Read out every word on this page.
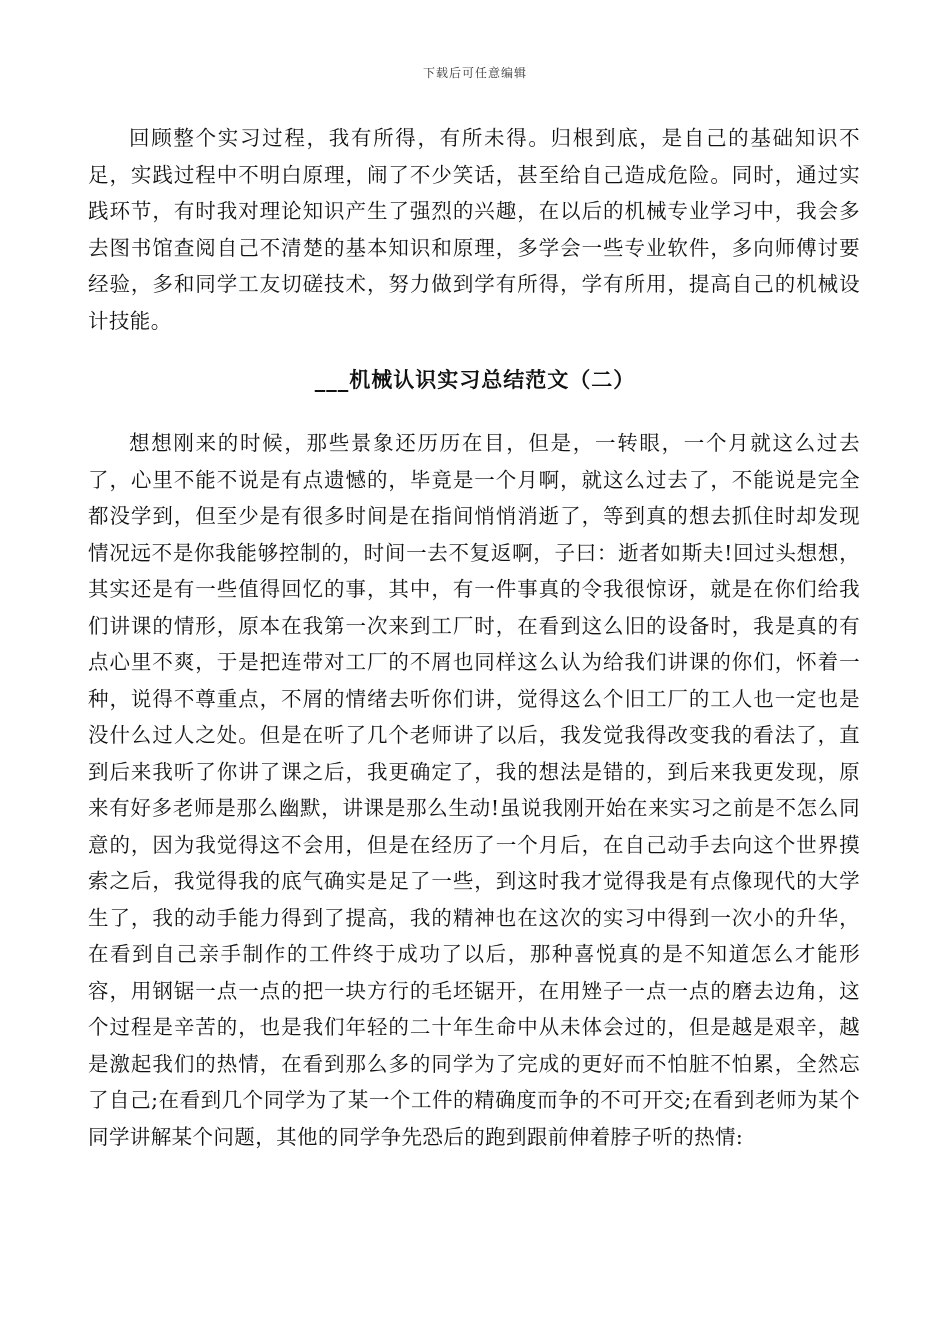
下载后可任意编辑

回顾整个实习过程，我有所得，有所未得。归根到底，是自己的基础知识不足，实践过程中不明白原理，闹了不少笑话，甚至给自己造成危险。同时，通过实践环节，有时我对理论知识产生了强烈的兴趣，在以后的机械专业学习中，我会多去图书馆查阅自己不清楚的基本知识和原理，多学会一些专业软件，多向师傅讨要经验，多和同学工友切磋技术，努力做到学有所得，学有所用，提高自己的机械设计技能。

___机械认识实习总结范文（二）

想想刚来的时候，那些景象还历历在目，但是，一转眼，一个月就这么过去了，心里不能不说是有点遗憾的，毕竟是一个月啊，就这么过去了，不能说是完全都没学到，但至少是有很多时间是在指间悄悄消逝了，等到真的想去抓住时却发现情况远不是你我能够控制的，时间一去不复返啊，子曰：逝者如斯夫!回过头想想，其实还是有一些值得回忆的事，其中，有一件事真的令我很惊讶，就是在你们给我们讲课的情形，原本在我第一次来到工厂时，在看到这么旧的设备时，我是真的有点心里不爽，于是把连带对工厂的不屑也同样这么认为给我们讲课的你们，怀着一种，说得不尊重点，不屑的情绪去听你们讲，觉得这么个旧工厂的工人也一定也是没什么过人之处。但是在听了几个老师讲了以后，我发觉我得改变我的看法了，直到后来我听了你讲了课之后，我更确定了，我的想法是错的，到后来我更发现，原来有好多老师是那么幽默，讲课是那么生动!虽说我刚开始在来实习之前是不怎么同意的，因为我觉得这不会用，但是在经历了一个月后，在自己动手去向这个世界摸索之后，我觉得我的底气确实是足了一些，到这时我才觉得我是有点像现代的大学生了，我的动手能力得到了提高，我的精神也在这次的实习中得到一次小的升华，在看到自己亲手制作的工件终于成功了以后，那种喜悦真的是不知道怎么才能形容，用钢锯一点一点的把一块方行的毛坯锯开，在用矬子一点一点的磨去边角，这个过程是辛苦的，也是我们年轻的二十年生命中从未体会过的，但是越是艰辛，越是激起我们的热情，在看到那么多的同学为了完成的更好而不怕脏不怕累，全然忘了自己;在看到几个同学为了某一个工件的精确度而争的不可开交;在看到老师为某个同学讲解某个问题，其他的同学争先恐后的跑到跟前伸着脖子听的热情:
